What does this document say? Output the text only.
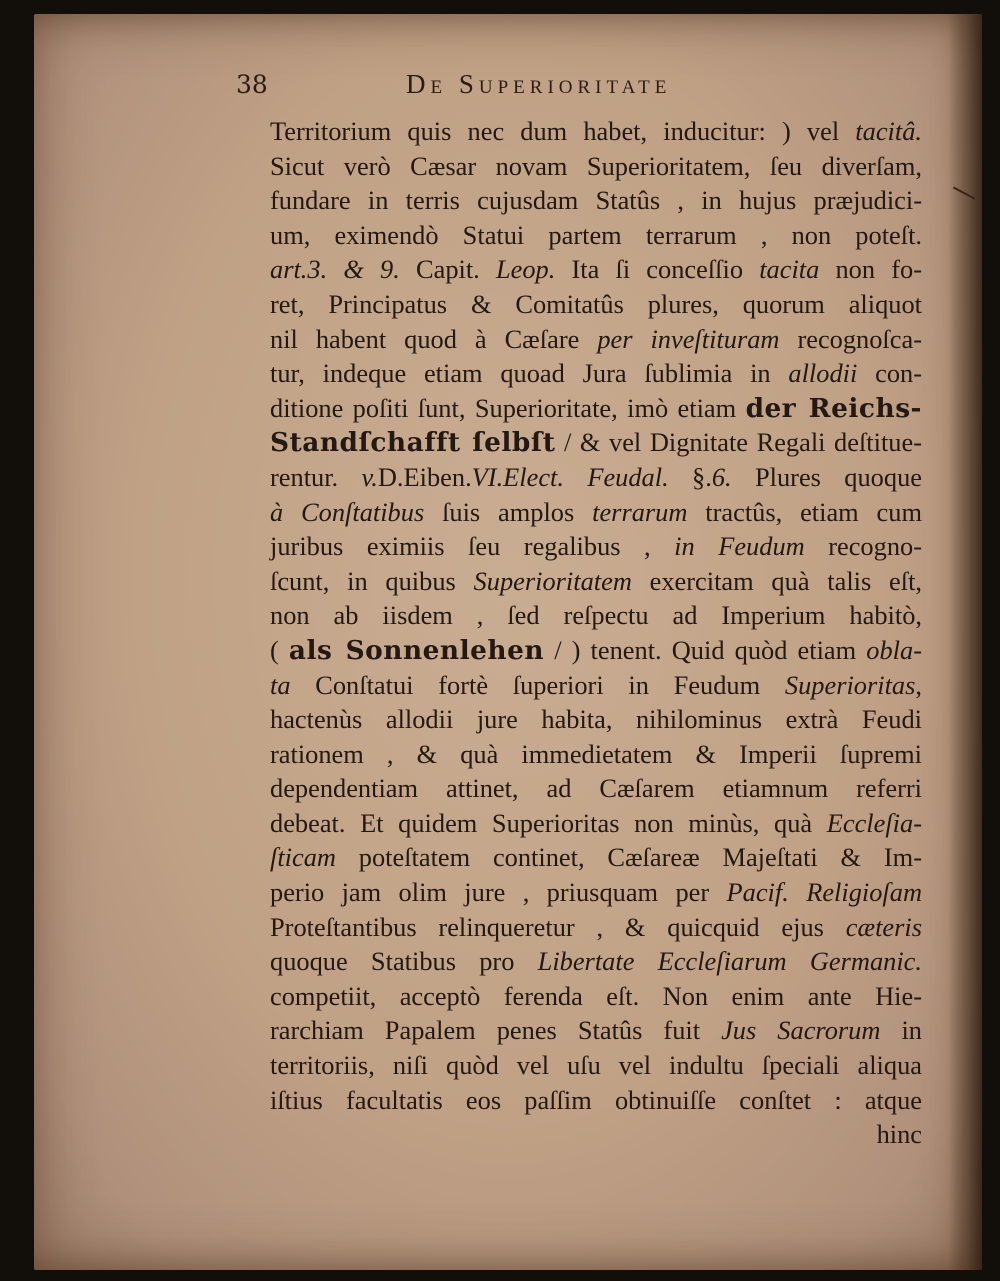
38	De Superioritate
Territorium quis nec dum habet, inducitur: ) vel tacitâ.
Sicut verò Cæsar novam Superioritatem, ſeu diverſam,
fundare in terris cujusdam Statûs , in hujus præjudici-
um, eximendò Statui partem terrarum , non poteſt.
art.3. & 9. Capit. Leop. Ita ſi conceſſio tacita non fo-
ret, Principatus & Comitatûs plures, quorum aliquot
nil habent quod à Cæſare per inveſtituram recognoſca-
tur, indeque etiam quoad Jura ſublimia in allodii con-
ditione poſiti ſunt, Superioritate, imò etiam der Reichs-
Standſchafft ſelbſt / & vel Dignitate Regali deſtitue-
rentur. v.D.Eiben.VI.Elect. Feudal. §.6. Plures quoque
à Conſtatibus ſuis amplos terrarum tractûs, etiam cum
juribus eximiis ſeu regalibus , in Feudum recogno-
ſcunt, in quibus Superioritatem exercitam quà talis eſt,
non ab iisdem , ſed reſpectu ad Imperium habitò,
( als Sonnenlehen / ) tenent. Quid quòd etiam obla-
ta Conſtatui fortè ſuperiori in Feudum Superioritas,
hactenùs allodii jure habita, nihilominus extrà Feudi
rationem , & quà immedietatem & Imperii ſupremi
dependentiam attinet, ad Cæſarem etiamnum referri
debeat. Et quidem Superioritas non minùs, quà Eccleſia-
ſticam poteſtatem continet, Cæſareæ Majeſtati & Im-
perio jam olim jure , priusquam per Pacif. Religioſam
Proteſtantibus relinqueretur , & quicquid ejus cæteris
quoque Statibus pro Libertate Eccleſiarum Germanic.
competiit, acceptò ferenda eſt. Non enim ante Hie-
rarchiam Papalem penes Statûs fuit Jus Sacrorum in
territoriis, niſi quòd vel uſu vel indultu ſpeciali aliqua
iſtius facultatis eos paſſim obtinuiſſe conſtet : atque
hinc
